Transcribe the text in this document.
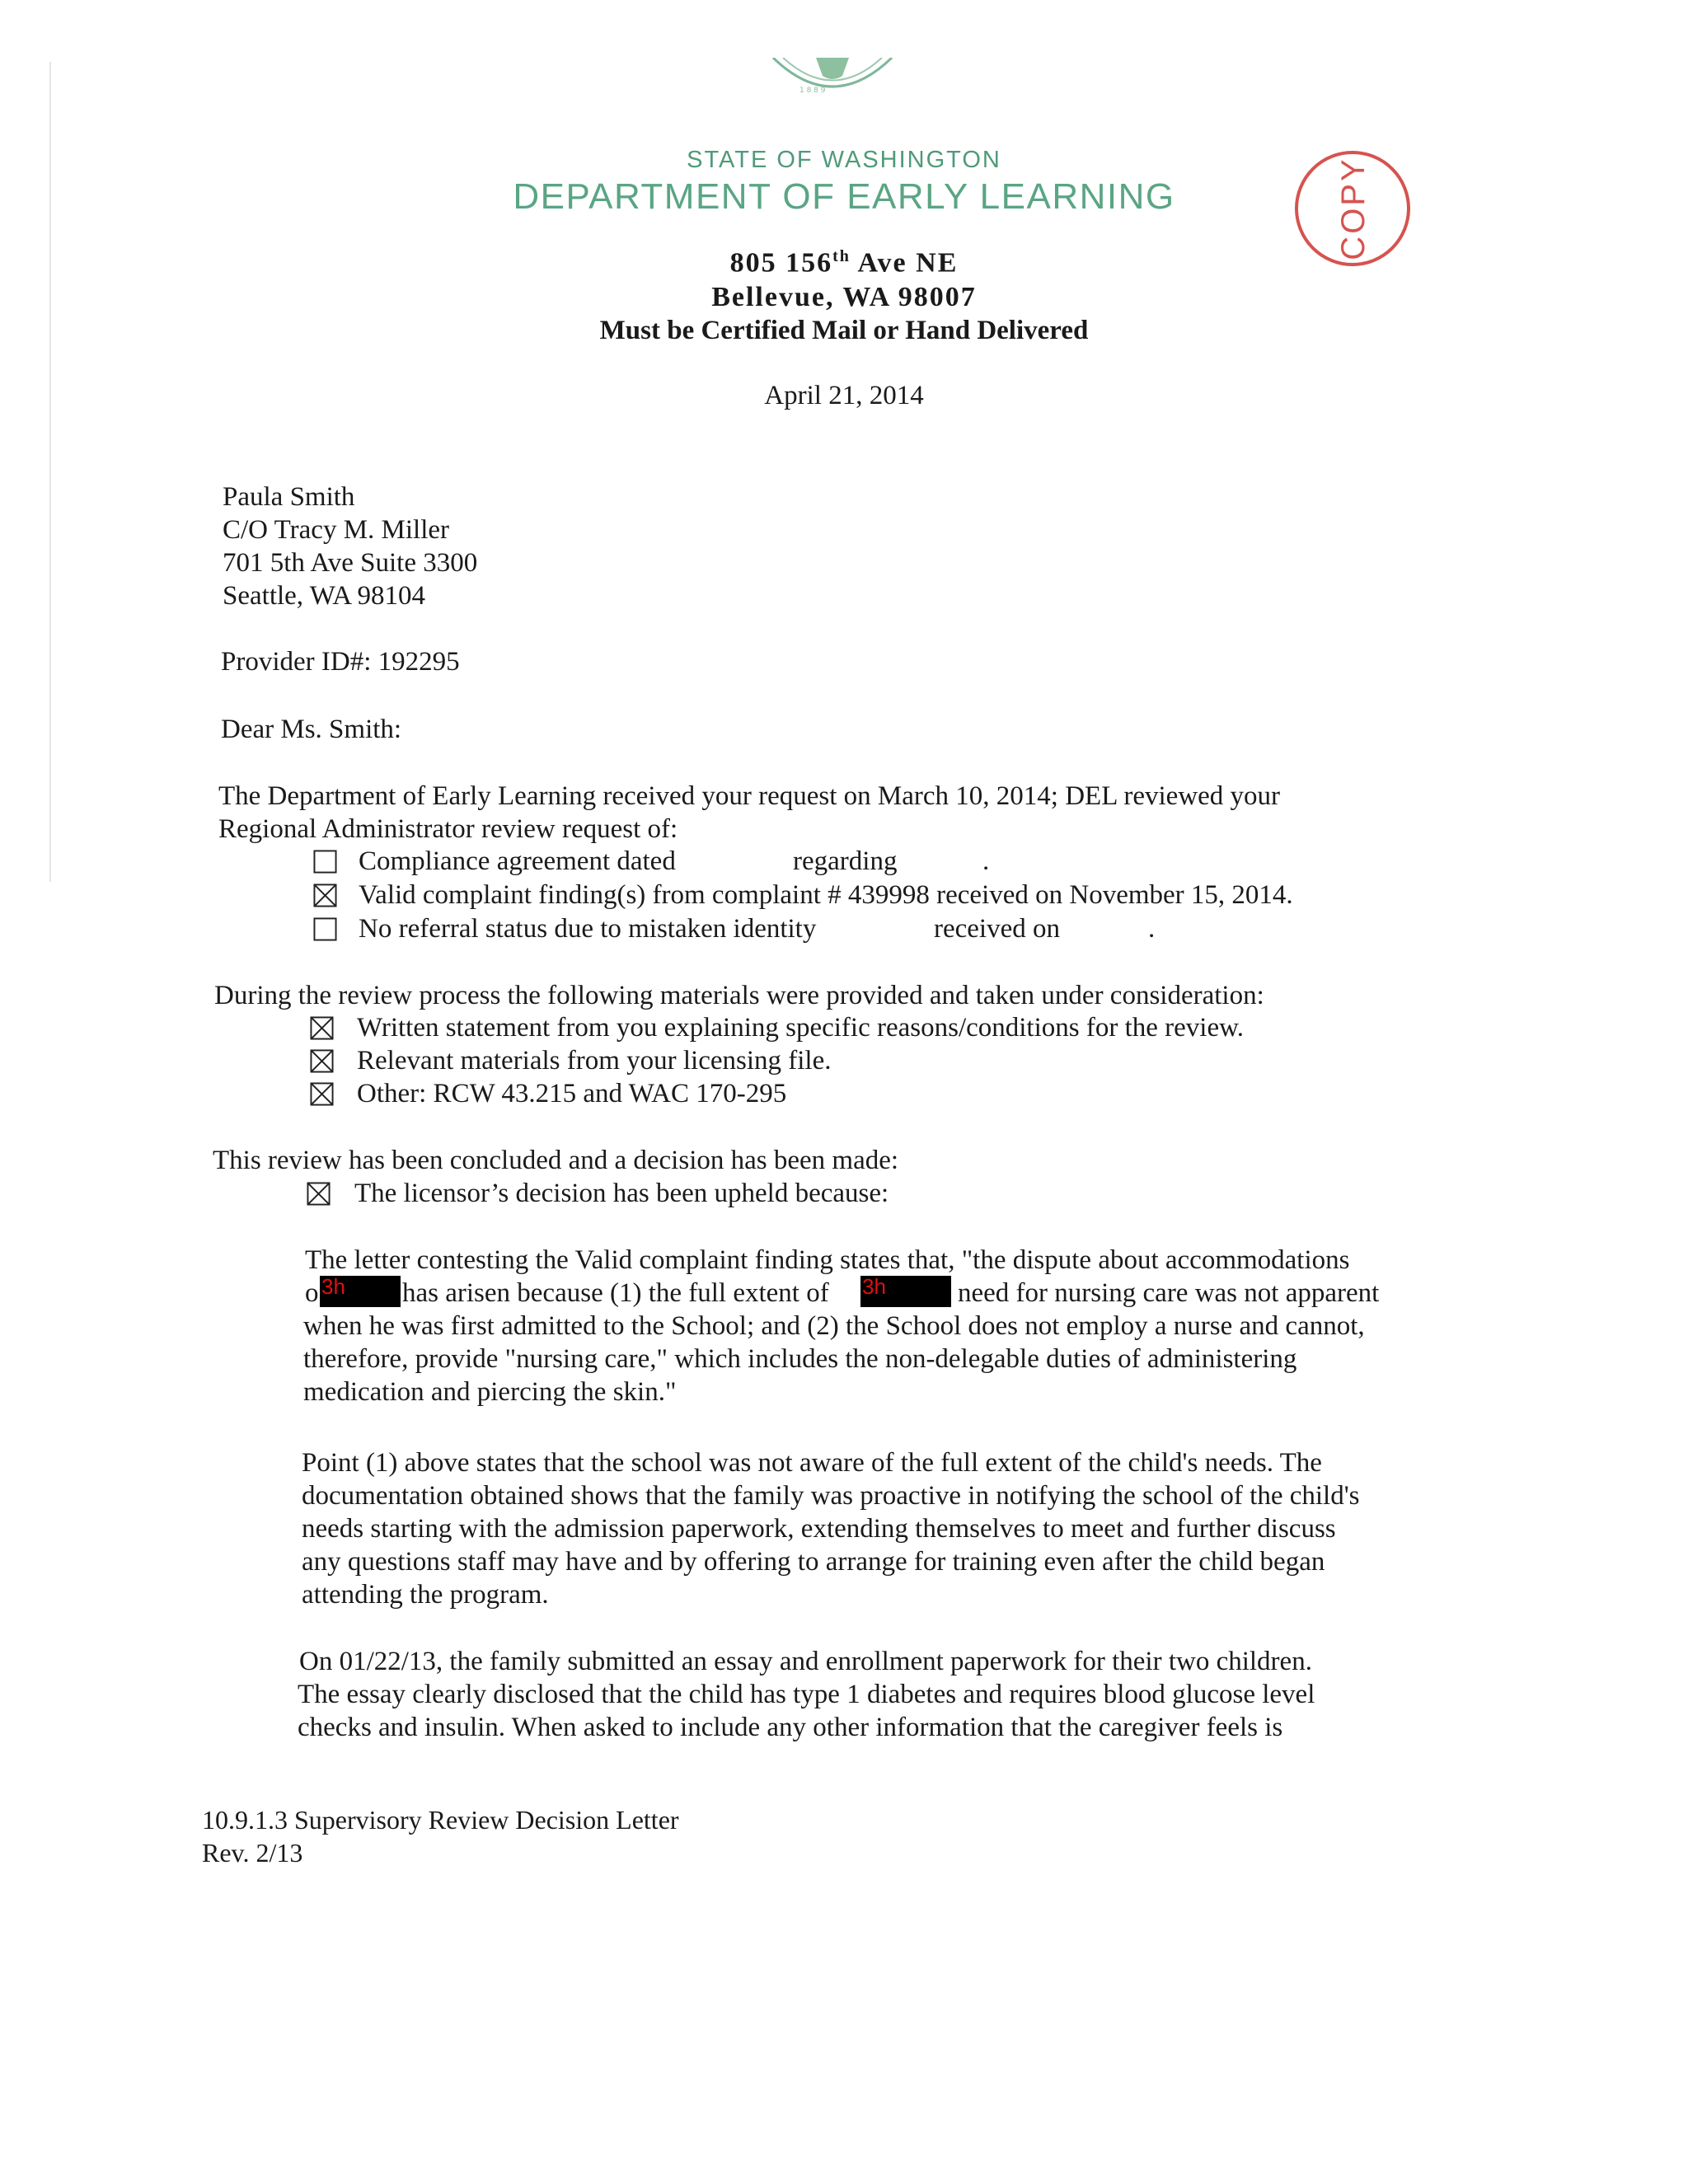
1 8 8 9
STATE OF WASHINGTON
DEPARTMENT OF EARLY LEARNING
805 156th Ave NE
Bellevue, WA 98007
Must be Certified Mail or Hand Delivered
COPY
April 21, 2014
Paula Smith
C/O Tracy M. Miller
701 5th Ave Suite 3300
Seattle, WA 98104
Provider ID#: 192295
Dear Ms. Smith:
The Department of Early Learning received your request on March 10, 2014; DEL reviewed your
Regional Administrator review request of:
Compliance agreement dated	regarding	.
Valid complaint finding(s) from complaint # 439998 received on November 15, 2014.
No referral status due to mistaken identity	received on	.
During the review process the following materials were provided and taken under consideration:
Written statement from you explaining specific reasons/conditions for the review.
Relevant materials from your licensing file.
Other: RCW 43.215 and WAC 170-295
This review has been concluded and a decision has been made:
The licensor’s decision has been upheld because:
The letter contesting the Valid complaint finding states that, "the dispute about accommodations
o 3h has arisen because (1) the full extent of 3h	need for nursing care was not apparent
when he was first admitted to the School; and (2) the School does not employ a nurse and cannot,
therefore, provide "nursing care," which includes the non-delegable duties of administering
medication and piercing the skin."
Point (1) above states that the school was not aware of the full extent of the child's needs. The
documentation obtained shows that the family was proactive in notifying the school of the child's
needs starting with the admission paperwork, extending themselves to meet and further discuss
any questions staff may have and by offering to arrange for training even after the child began
attending the program.
On 01/22/13, the family submitted an essay and enrollment paperwork for their two children.
The essay clearly disclosed that the child has type 1 diabetes and requires blood glucose level
checks and insulin. When asked to include any other information that the caregiver feels is
10.9.1.3 Supervisory Review Decision Letter
Rev. 2/13
